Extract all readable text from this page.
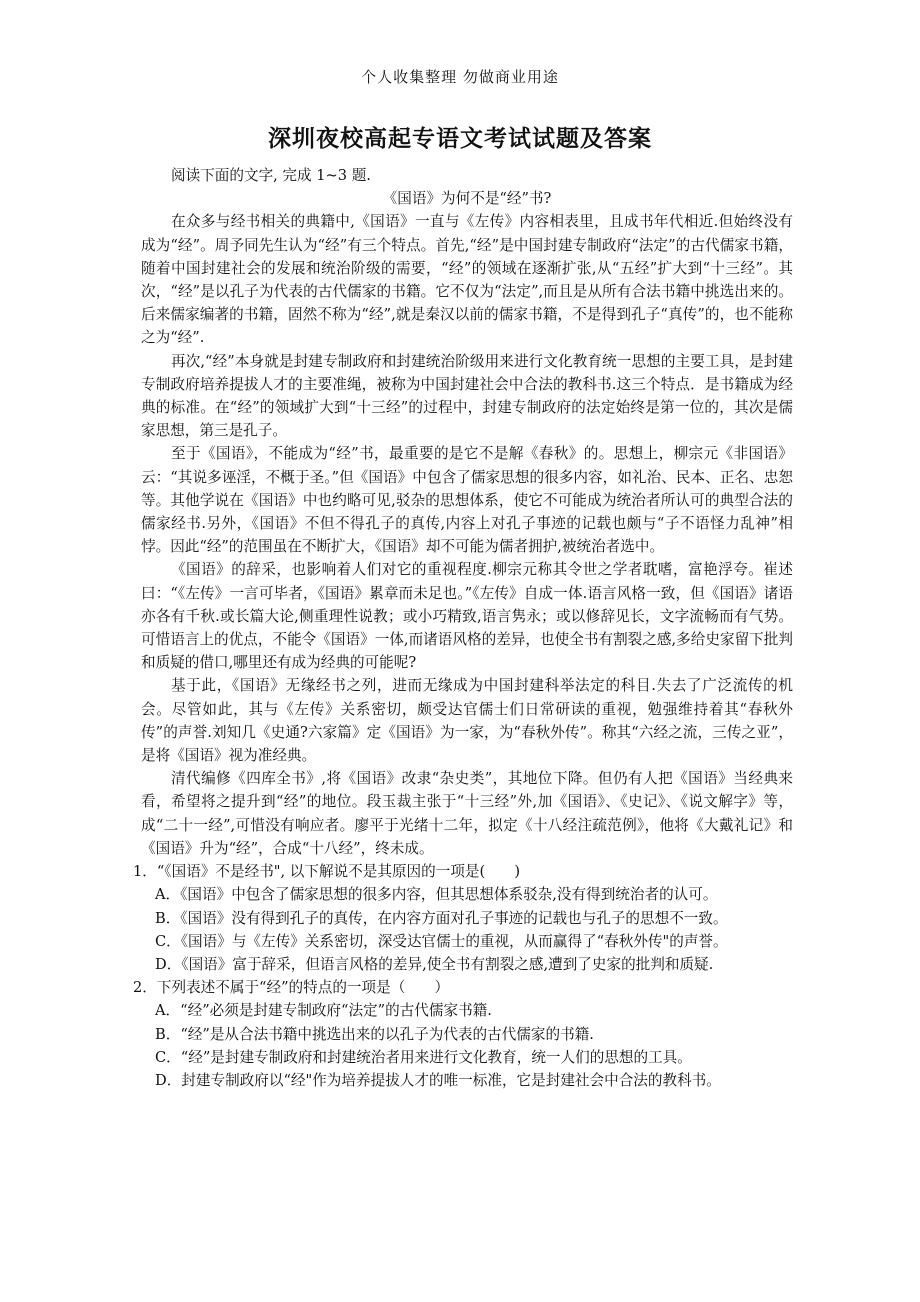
个人收集整理 勿做商业用途
深圳夜校高起专语文考试试题及答案

阅读下面的文字, 完成 1~3 题.

《国语》为何不是“经”书?

在众多与经书相关的典籍中,《国语》一直与《左传》内容相表里，且成书年代相近.但始终没有成为“经”。周予同先生认为“经”有三个特点。首先,“经”是中国封建专制政府“法定”的古代儒家书籍，随着中国封建社会的发展和统治阶级的需要，“经”的领域在逐渐扩张,从“五经”扩大到“十三经”。其次，“经”是以孔子为代表的古代儒家的书籍。它不仅为“法定”,而且是从所有合法书籍中挑选出来的。后来儒家编著的书籍，固然不称为“经”,就是秦汉以前的儒家书籍，不是得到孔子“真传”的，也不能称之为“经”.

再次,“经”本身就是封建专制政府和封建统治阶级用来进行文化教育统一思想的主要工具，是封建专制政府培养提拔人才的主要准绳，被称为中国封建社会中合法的教科书.这三个特点．是书籍成为经典的标准。在“经”的领域扩大到“十三经”的过程中，封建专制政府的法定始终是第一位的，其次是儒家思想，第三是孔子。

至于《国语》，不能成为“经”书，最重要的是它不是解《春秋》的。思想上，柳宗元《非国语》云：“其说多诬淫，不概于圣。”但《国语》中包含了儒家思想的很多内容，如礼治、民本、正名、忠恕等。其他学说在《国语》中也约略可见,驳杂的思想体系，使它不可能成为统治者所认可的典型合法的儒家经书.另外，《国语》不但不得孔子的真传,内容上对孔子事迹的记载也颇与“子不语怪力乱神”相悖。因此“经”的范围虽在不断扩大，《国语》却不可能为儒者拥护,被统治者选中。

《国语》的辞采，也影响着人们对它的重视程度.柳宗元称其令世之学者耽嗜，富艳浮夸。崔述曰：“《左传》一言可毕者，《国语》累章而未足也。”《左传》自成一体.语言风格一致，但《国语》诸语亦各有千秋.或长篇大论,侧重理性说教；或小巧精致,语言隽永；或以修辞见长，文字流畅而有气势。可惜语言上的优点，不能令《国语》一体,而诸语风格的差异，也使全书有割裂之感,多给史家留下批判和质疑的借口,哪里还有成为经典的可能呢?

基于此，《国语》无缘经书之列，进而无缘成为中国封建科举法定的科目.失去了广泛流传的机会。尽管如此，其与《左传》关系密切，颇受达官儒士们日常研读的重视，勉强维持着其“春秋外传”的声誉.刘知几《史通?六家篇》定《国语》为一家，为“春秋外传”。称其“六经之流，三传之亚”，是将《国语》视为准经典。

清代编修《四库全书》,将《国语》改隶“杂史类”，其地位下降。但仍有人把《国语》当经典来看，希望将之提升到“经”的地位。段玉裁主张于“十三经”外,加《国语》、《史记》、《说文解字》等，成“二十一经”,可惜没有响应者。廖平于光绪十二年，拟定《十八经注疏范例》，他将《大戴礼记》和《国语》升为“经”，合成“十八经”，终未成。

1．“《国语》不是经书", 以下解说不是其原因的一项是(　　)

A．《国语》中包含了儒家思想的很多内容，但其思想体系驳杂,没有得到统治者的认可。

B．《国语》没有得到孔子的真传，在内容方面对孔子事迹的记载也与孔子的思想不一致。

C．《国语》与《左传》关系密切，深受达官儒士的重视，从而赢得了“春秋外传"的声誉。

D．《国语》富于辞采，但语言风格的差异,使全书有割裂之感,遭到了史家的批判和质疑.

2．下列表述不属于“经”的特点的一项是（　　）

A．“经”必须是封建专制政府“法定”的古代儒家书籍.

B．“经”是从合法书籍中挑选出来的以孔子为代表的古代儒家的书籍.

C．“经”是封建专制政府和封建统治者用来进行文化教育，统一人们的思想的工具。

D．封建专制政府以“经"作为培养提拔人才的唯一标准，它是封建社会中合法的教科书。
